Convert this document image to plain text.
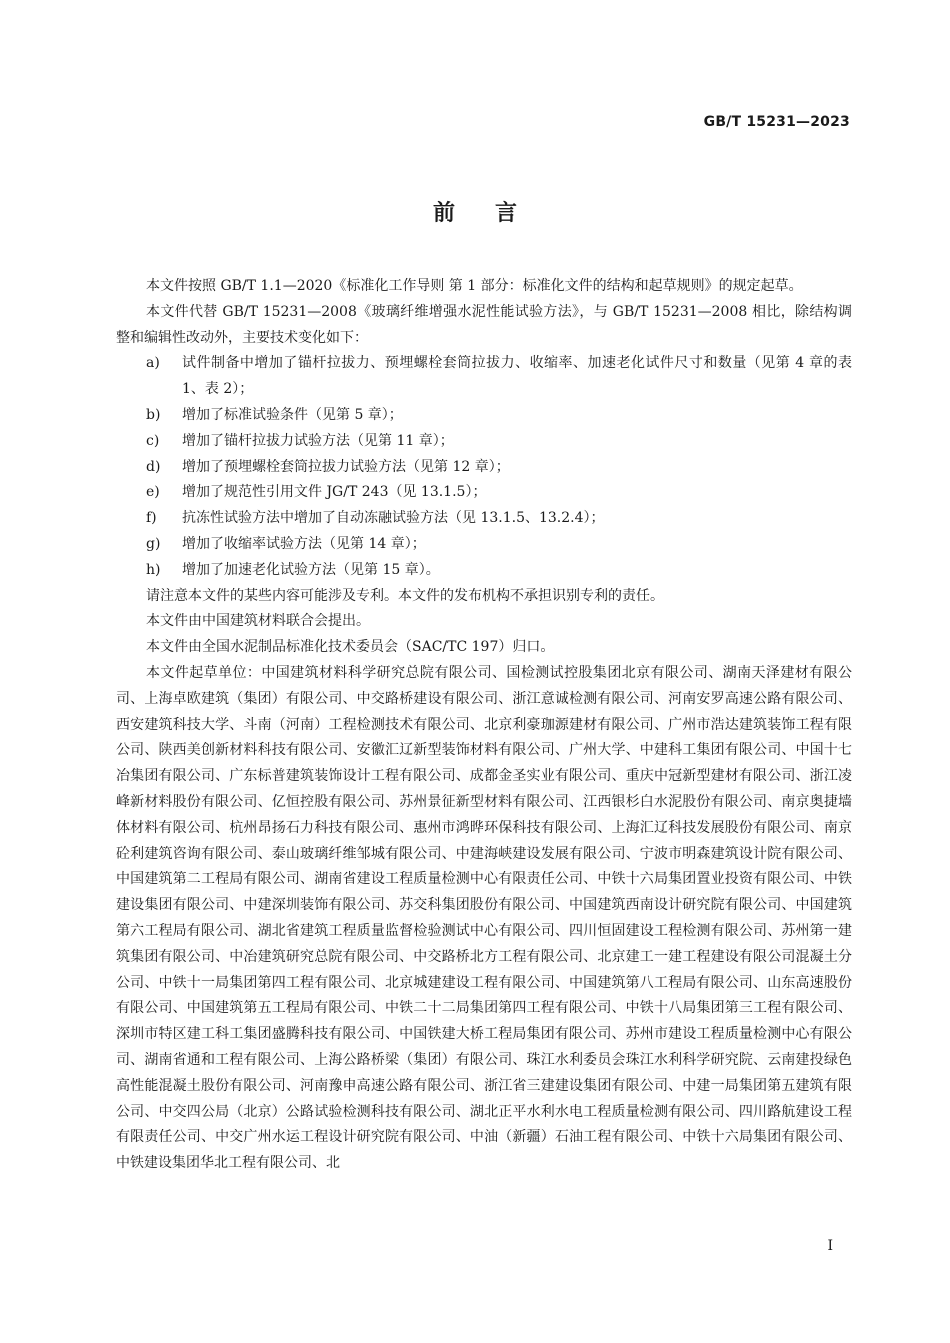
GB/T 15231—2023
前言

本文件按照 GB/T 1.1—2020《标准化工作导则 第 1 部分：标准化文件的结构和起草规则》的规定起草。

本文件代替 GB/T 15231—2008《玻璃纤维增强水泥性能试验方法》，与 GB/T 15231—2008 相比，除结构调整和编辑性改动外，主要技术变化如下：

a)	试件制备中增加了锚杆拉拔力、预埋螺栓套筒拉拔力、收缩率、加速老化试件尺寸和数量（见第 4 章的表 1、表 2）；
b)	增加了标准试验条件（见第 5 章）；
c)	增加了锚杆拉拔力试验方法（见第 11 章）；
d)	增加了预埋螺栓套筒拉拔力试验方法（见第 12 章）；
e)	增加了规范性引用文件 JG/T 243（见 13.1.5）；
f)	抗冻性试验方法中增加了自动冻融试验方法（见 13.1.5、13.2.4）；
g)	增加了收缩率试验方法（见第 14 章）；
h)	增加了加速老化试验方法（见第 15 章）。

请注意本文件的某些内容可能涉及专利。本文件的发布机构不承担识别专利的责任。

本文件由中国建筑材料联合会提出。

本文件由全国水泥制品标准化技术委员会（SAC/TC 197）归口。

本文件起草单位：中国建筑材料科学研究总院有限公司、国检测试控股集团北京有限公司、湖南天泽建材有限公司、上海卓欧建筑（集团）有限公司、中交路桥建设有限公司、浙江意诚检测有限公司、河南安罗高速公路有限公司、西安建筑科技大学、斗南（河南）工程检测技术有限公司、北京利豪珈源建材有限公司、广州市浩达建筑装饰工程有限公司、陕西美创新材料科技有限公司、安徽汇辽新型装饰材料有限公司、广州大学、中建科工集团有限公司、中国十七冶集团有限公司、广东标普建筑装饰设计工程有限公司、成都金圣实业有限公司、重庆中冠新型建材有限公司、浙江凌峰新材料股份有限公司、亿恒控股有限公司、苏州景征新型材料有限公司、江西银杉白水泥股份有限公司、南京奥捷墙体材料有限公司、杭州昂扬石力科技有限公司、惠州市鸿晔环保科技有限公司、上海汇辽科技发展股份有限公司、南京砼利建筑咨询有限公司、泰山玻璃纤维邹城有限公司、中建海峡建设发展有限公司、宁波市明森建筑设计院有限公司、中国建筑第二工程局有限公司、湖南省建设工程质量检测中心有限责任公司、中铁十六局集团置业投资有限公司、中铁建设集团有限公司、中建深圳装饰有限公司、苏交科集团股份有限公司、中国建筑西南设计研究院有限公司、中国建筑第六工程局有限公司、湖北省建筑工程质量监督检验测试中心有限公司、四川恒固建设工程检测有限公司、苏州第一建筑集团有限公司、中冶建筑研究总院有限公司、中交路桥北方工程有限公司、北京建工一建工程建设有限公司混凝土分公司、中铁十一局集团第四工程有限公司、北京城建建设工程有限公司、中国建筑第八工程局有限公司、山东高速股份有限公司、中国建筑第五工程局有限公司、中铁二十二局集团第四工程有限公司、中铁十八局集团第三工程有限公司、深圳市特区建工科工集团盛腾科技有限公司、中国铁建大桥工程局集团有限公司、苏州市建设工程质量检测中心有限公司、湖南省通和工程有限公司、上海公路桥梁（集团）有限公司、珠江水利委员会珠江水利科学研究院、云南建投绿色高性能混凝土股份有限公司、河南豫申高速公路有限公司、浙江省三建建设集团有限公司、中建一局集团第五建筑有限公司、中交四公局（北京）公路试验检测科技有限公司、湖北正平水利水电工程质量检测有限公司、四川路航建设工程有限责任公司、中交广州水运工程设计研究院有限公司、中油（新疆）石油工程有限公司、中铁十六局集团有限公司、中铁建设集团华北工程有限公司、北

I
